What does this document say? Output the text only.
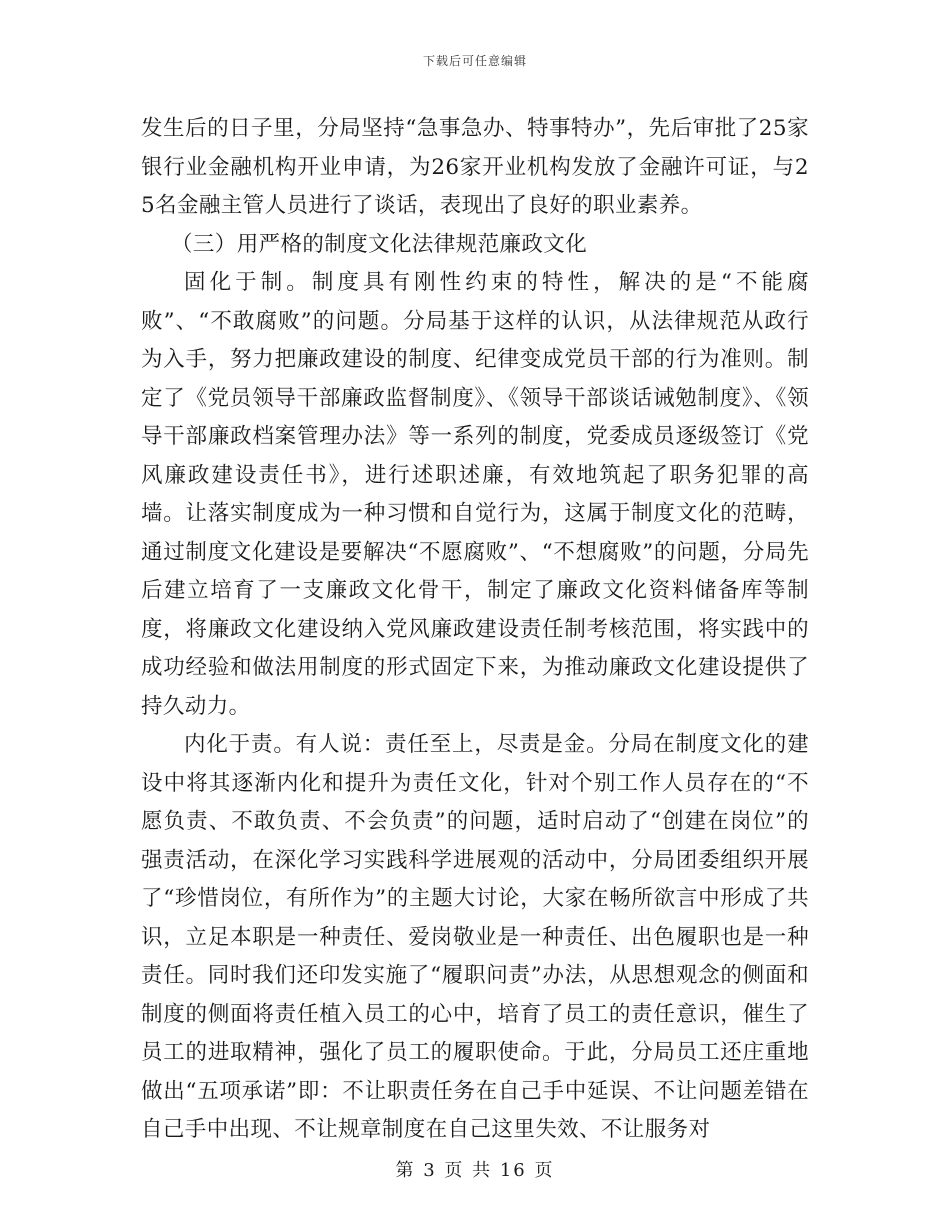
下载后可任意编辑

发生后的日子里，分局坚持“急事急办、特事特办”，先后审批了25家银行业金融机构开业申请，为26家开业机构发放了金融许可证，与25名金融主管人员进行了谈话，表现出了良好的职业素养。

（三）用严格的制度文化法律规范廉政文化

固化于制。制度具有刚性约束的特性，解决的是“不能腐败”、“不敢腐败”的问题。分局基于这样的认识，从法律规范从政行为入手，努力把廉政建设的制度、纪律变成党员干部的行为准则。制定了《党员领导干部廉政监督制度》、《领导干部谈话诫勉制度》、《领导干部廉政档案管理办法》等一系列的制度，党委成员逐级签订《党风廉政建设责任书》，进行述职述廉，有效地筑起了职务犯罪的高墙。让落实制度成为一种习惯和自觉行为，这属于制度文化的范畴，通过制度文化建设是要解决“不愿腐败”、“不想腐败”的问题，分局先后建立培育了一支廉政文化骨干，制定了廉政文化资料储备库等制度，将廉政文化建设纳入党风廉政建设责任制考核范围，将实践中的成功经验和做法用制度的形式固定下来，为推动廉政文化建设提供了持久动力。

内化于责。有人说：责任至上，尽责是金。分局在制度文化的建设中将其逐渐内化和提升为责任文化，针对个别工作人员存在的“不愿负责、不敢负责、不会负责”的问题，适时启动了“创建在岗位”的强责活动，在深化学习实践科学进展观的活动中，分局团委组织开展了“珍惜岗位，有所作为”的主题大讨论，大家在畅所欲言中形成了共识，立足本职是一种责任、爱岗敬业是一种责任、出色履职也是一种责任。同时我们还印发实施了“履职问责”办法，从思想观念的侧面和制度的侧面将责任植入员工的心中，培育了员工的责任意识，催生了员工的进取精神，强化了员工的履职使命。于此，分局员工还庄重地做出“五项承诺”即：不让职责任务在自己手中延误、不让问题差错在自己手中出现、不让规章制度在自己这里失效、不让服务对

第 3 页 共 16 页
